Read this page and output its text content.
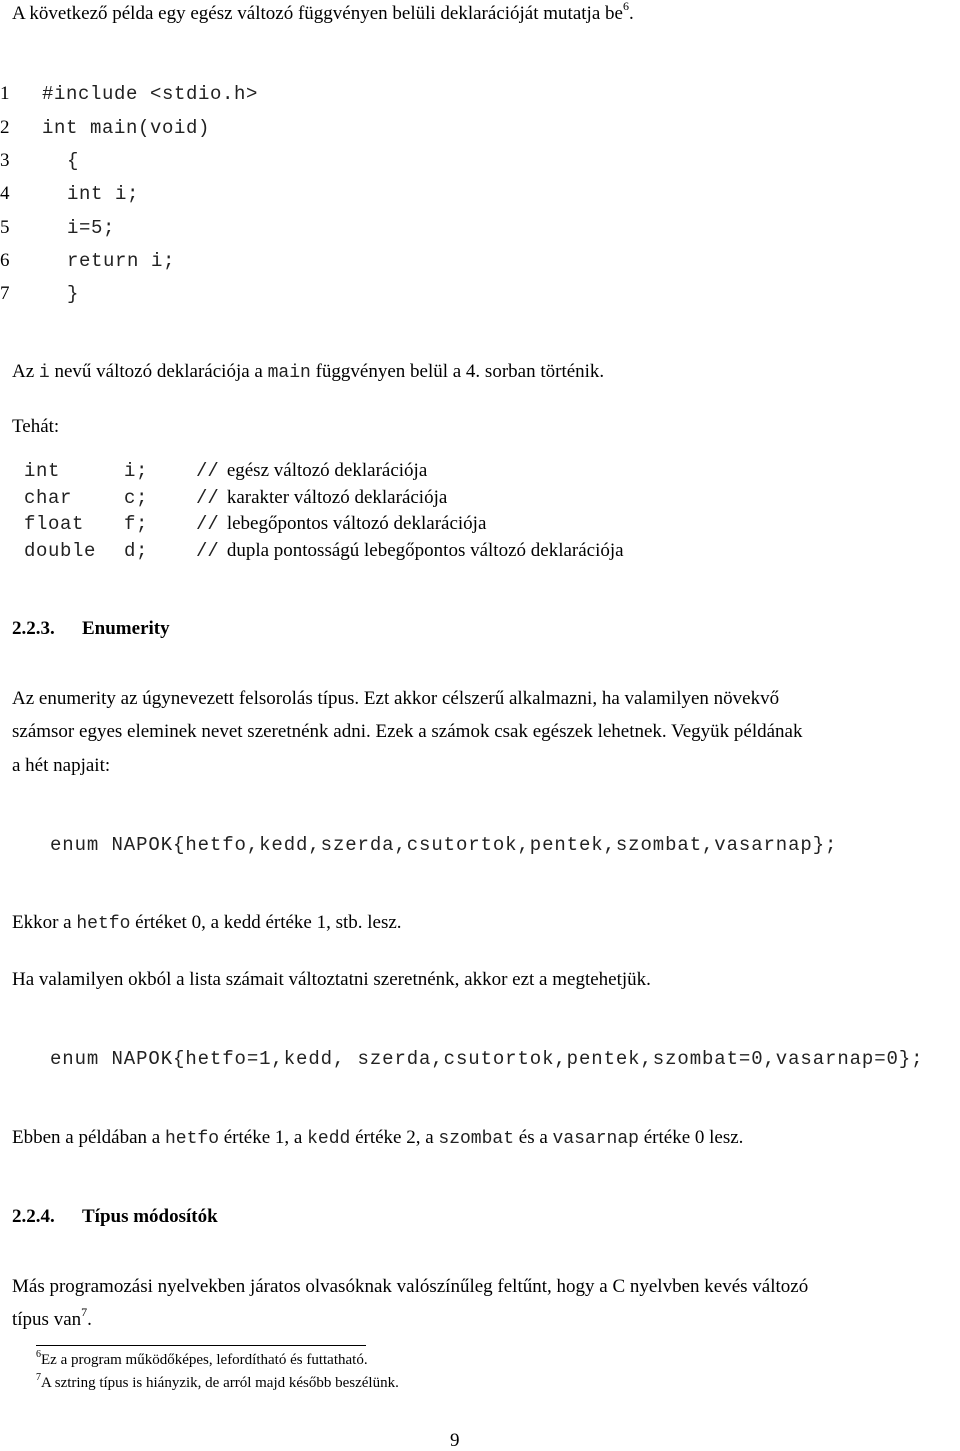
A következő példa egy egész változó függvényen belüli deklarációját mutatja $be^6$.
1 #include <stdio.h>
2 int main(void)
3	{
4	int i;
5	i=5;
6	return i;
7	}
Az i nevű változó deklarációja a main függvényen belül a 4. sorban történik.
Tehát:
int	i;	// egész változó deklarációja
char	c;	// karakter változó deklarációja
float f;	// lebegőpontos változó deklarációja
double d;	// dupla pontosságú lebegőpontos változó deklarációja
2.2.3. Enumerity
Az enumerity az úgynevezett felsorolás típus. Ezt akkor célszerű alkalmazni, ha valamilyen növekvő
számsor egyes eleminek nevet szeretnénk adni. Ezek a számok csak egészek lehetnek. Vegyük példának
a hét napjait:
enum NAPOK{hetfo,kedd,szerda,csutortok,pentek,szombat,vasarnap};
Ekkor a hetfo értéket 0, a kedd értéke 1, stb. lesz.
Ha valamilyen okból a lista számait változtatni szeretnénk, akkor ezt a megtehetjük.
enum NAPOK{hetfo=1,kedd, szerda,csutortok,pentek,szombat=0,vasarnap=0};
Ebben a példában a hetfo értéke 1, a kedd értéke 2, a szombat és a vasarnap értéke 0 lesz.
2.2.4. Típus módosítók
Más programozási nyelvekben járatos olvasóknak valószínűleg feltűnt, hogy a C nyelvben kevés változó
típus van$^7$.
$^6$Ez a program működőképes, lefordítható és futtatható.
$^7$A sztring típus is hiányzik, de arról majd később beszélünk.
9
